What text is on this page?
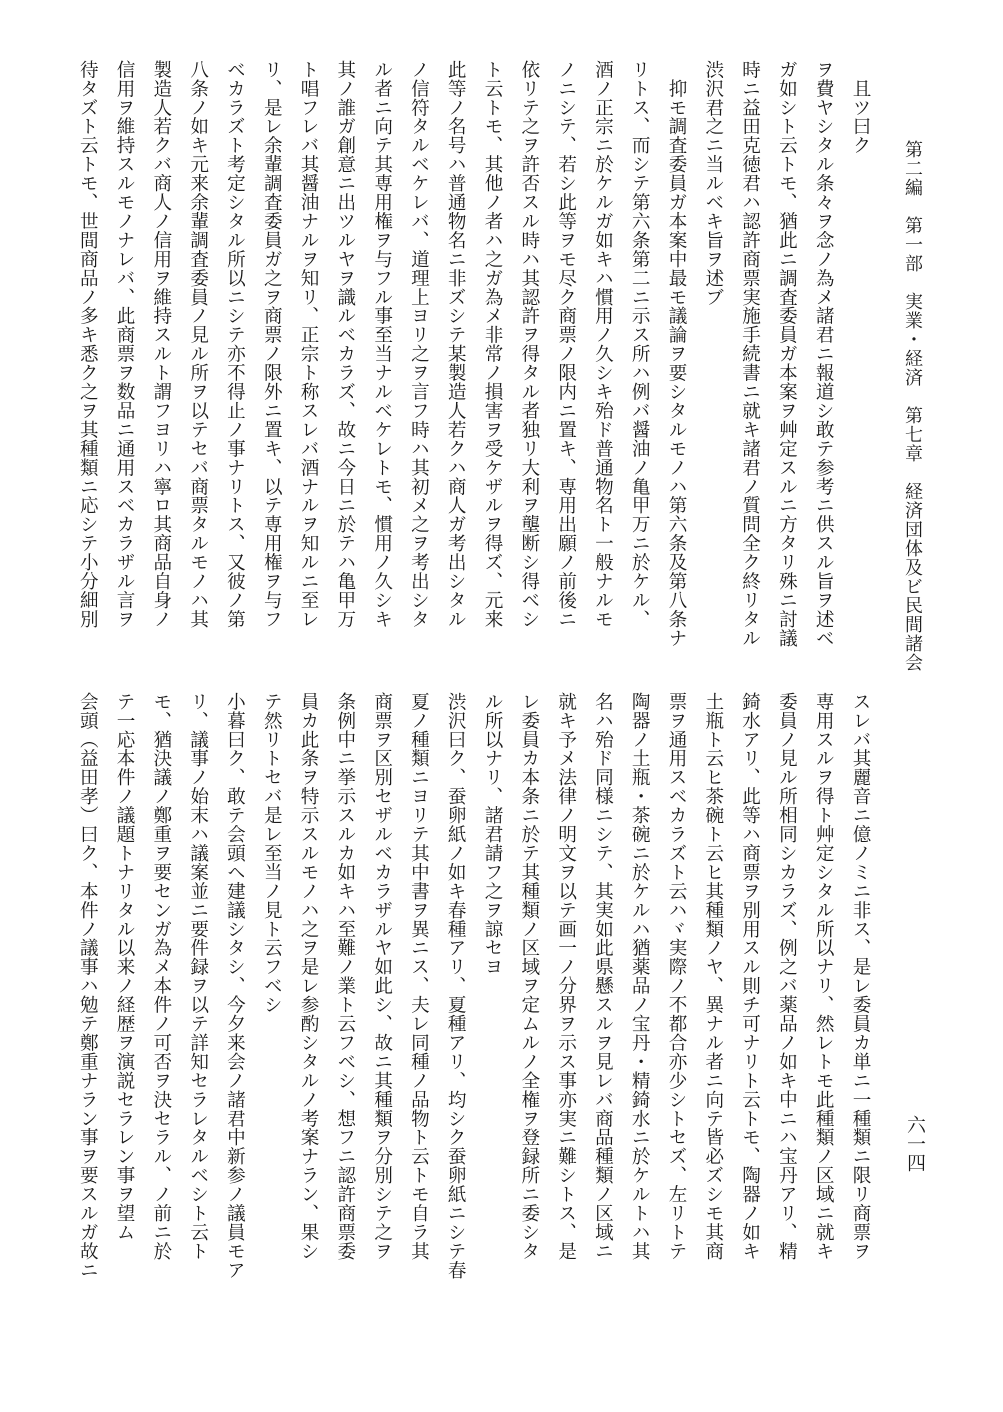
第二編　第一部　実業・経済　第七章　経済団体及ビ民間諸会
六一四
　且ツ曰ク
ヲ費ヤシタル条々ヲ念ノ為メ諸君ニ報道シ敢テ参考ニ供スル旨ヲ述ベ
ガ如シト云トモ、猶此ニ調査委員ガ本案ヲ艸定スルニ方タリ殊ニ討議
時ニ益田克徳君ハ認許商票実施手続書ニ就キ諸君ノ質問全ク終リタル
渋沢君之ニ当ルベキ旨ヲ述ブ
　抑モ調査委員ガ本案中最モ議論ヲ要シタルモノハ第六条及第八条ナ
リトス、而シテ第六条第二ニ示ス所ハ例バ醤油ノ亀甲万ニ於ケル、
酒ノ正宗ニ於ケルガ如キハ慣用ノ久シキ殆ド普通物名ト一般ナルモ
ノニシテ、若シ此等ヲモ尽ク商票ノ限内ニ置キ、専用出願ノ前後ニ
依リテ之ヲ許否スル時ハ其認許ヲ得タル者独リ大利ヲ壟断シ得ベシ
ト云トモ、其他ノ者ハ之ガ為メ非常ノ損害ヲ受ケザルヲ得ズ、元来
此等ノ名号ハ普通物名ニ非ズシテ某製造人若クハ商人ガ考出シタル
ノ信符タルベケレバ、道理上ヨリ之ヲ言フ時ハ其初メ之ヲ考出シタ
ル者ニ向テ其専用権ヲ与フル事至当ナルベケレトモ、慣用ノ久シキ
其ノ誰ガ創意ニ出ツルヤヲ識ルベカラズ、故ニ今日ニ於テハ亀甲万
ト唱フレバ其醤油ナルヲ知リ、正宗ト称スレバ酒ナルヲ知ルニ至レ
リ、是レ余輩調査委員ガ之ヲ商票ノ限外ニ置キ、以テ専用権ヲ与フ
ベカラズト考定シタル所以ニシテ亦不得止ノ事ナリトス、又彼ノ第
八条ノ如キ元来余輩調査委員ノ見ル所ヲ以テセバ商票タルモノハ其
製造人若クバ商人ノ信用ヲ維持スルト謂フヨリハ寧ロ其商品自身ノ
信用ヲ維持スルモノナレバ、此商票ヲ数品ニ通用スベカラザル言ヲ
待タズト云トモ、世間商品ノ多キ悉ク之ヲ其種類ニ応シテ小分細別
スレバ其麗音ニ億ノミニ非ス、是レ委員カ単ニ一種類ニ限リ商票ヲ
専用スルヲ得ト艸定シタル所以ナリ、然レトモ此種類ノ区域ニ就キ
委員ノ見ル所相同シカラズ、例之バ薬品ノ如キ中ニハ宝丹アリ、精
錡水アリ、此等ハ商票ヲ別用スル則チ可ナリト云トモ、陶器ノ如キ
土瓶ト云ヒ茶碗ト云ヒ其種類ノヤ、異ナル者ニ向テ皆必ズシモ其商
票ヲ通用スベカラズト云ハヾ実際ノ不都合亦少シトセズ、左リトテ
陶器ノ土瓶・茶碗ニ於ケルハ猶薬品ノ宝丹・精錡水ニ於ケルトハ其
名ハ殆ド同様ニシテ、其実如此県懸スルヲ見レバ商品種類ノ区域ニ
就キ予メ法律ノ明文ヲ以テ画一ノ分界ヲ示ス事亦実ニ難シトス、是
レ委員カ本条ニ於テ其種類ノ区域ヲ定ムルノ全権ヲ登録所ニ委シタ
ル所以ナリ、諸君請フ之ヲ諒セヨ
渋沢曰ク、蚕卵紙ノ如キ春種アリ、夏種アリ、均シク蚕卵紙ニシテ春
夏ノ種類ニヨリテ其中書ヲ異ニス、夫レ同種ノ品物ト云トモ自ラ其
商票ヲ区別セザルベカラザルヤ如此シ、故ニ其種類ヲ分別シテ之ヲ
条例中ニ挙示スルカ如キハ至難ノ業ト云フベシ、想フニ認許商票委
員カ此条ヲ特示スルモノハ之ヲ是レ参酌シタルノ考案ナラン、果シ
テ然リトセバ是レ至当ノ見ト云フベシ
小暮曰ク、敢テ会頭ヘ建議シタシ、今夕来会ノ諸君中新参ノ議員モア
リ、議事ノ始末ハ議案並ニ要件録ヲ以テ詳知セラレタルベシト云ト
モ、猶決議ノ鄭重ヲ要センガ為メ本件ノ可否ヲ決セラル、ノ前ニ於
テ一応本件ノ議題トナリタル以来ノ経歴ヲ演説セラレン事ヲ望ム
会頭（益田孝）曰ク、本件ノ議事ハ勉テ鄭重ナラン事ヲ要スルガ故ニ
